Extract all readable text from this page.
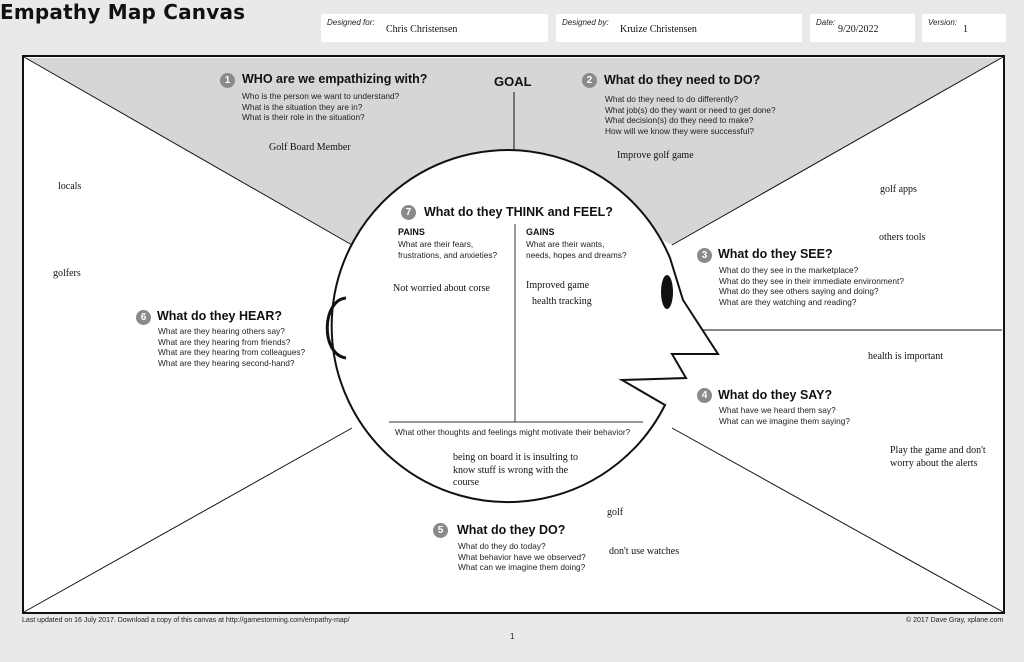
Empathy Map Canvas	Designed for:
Chris Christensen
Designed by:
Kruize Christensen
Date:
9/20/2022
Version:
1
GOAL
1 WHO are we empathizing with?
Who is the person we want to understand?
What is the situation they are in?
What is their role in the situation?
Golf Board Member
2 What do they need to DO?
What do they need to do differently?
What job(s) do they want or need to get done?
What decision(s) do they need to make?
How will we know they were successful?
Improve golf game
3 What do they SEE?
What do they see in the marketplace?
What do they see in their immediate environment?
What do they see others saying and doing?
What are they watching and reading?
golf apps
others tools
4 What do they SAY?
What have we heard them say?
What can we imagine them saying?
health is important
Play the game and don't
worry about the alerts
5	What do they DO?
What do they do today?
What behavior have we observed?
What can we imagine them doing?
golf
don't use watches
6 What do they HEAR?
What are they hearing others say?
What are they hearing from friends?
What are they hearing from colleagues?
What are they hearing second-hand?
locals
golfers
7	What do they THINK and FEEL?
PAINS
What are their fears,
frustrations, and anxieties?
Not worried about corse
GAINS
What are their wants,
needs, hopes and dreams?
Improved game
health tracking
What other thoughts and feelings might motivate their behavior?
being on board it is insulting to
know stuff is wrong with the
course
Last updated on 16 July 2017. Download a copy of this canvas at http://gamestorming.com/empathy-map/	© 2017 Dave Gray, xplane.com
1
